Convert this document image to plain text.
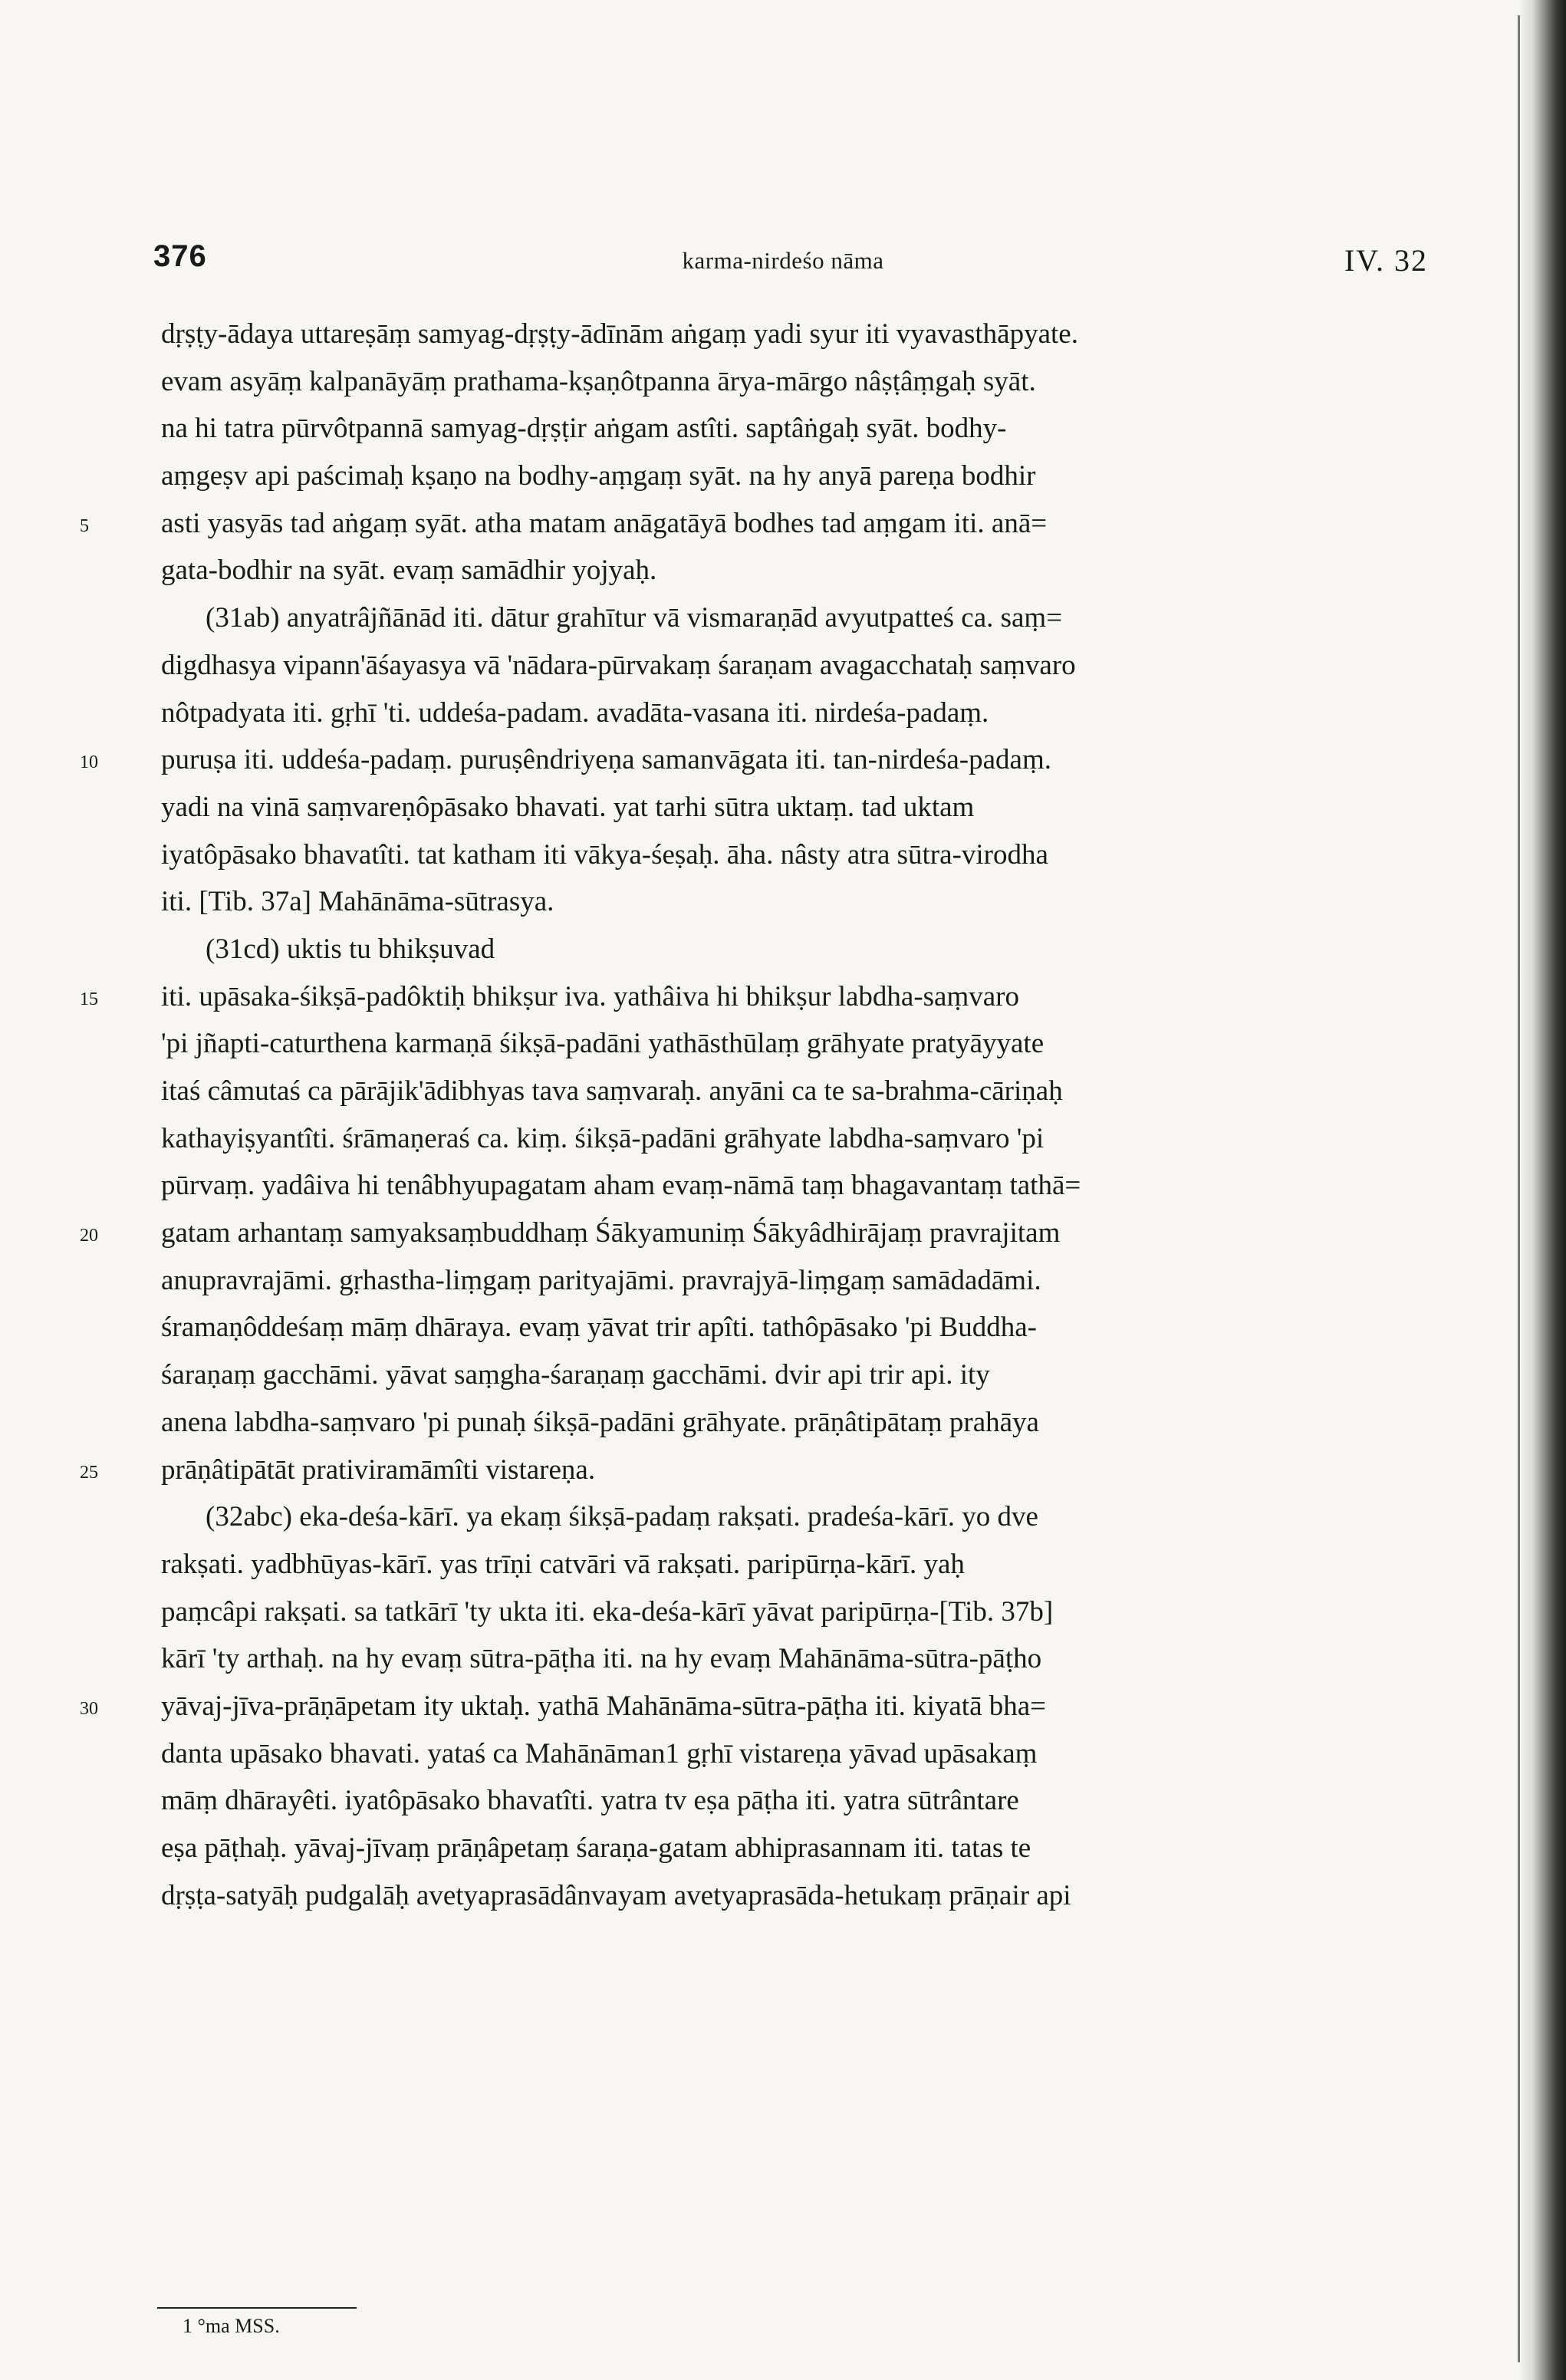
376	karma-nirdeśo nāma	IV. 32
dṛṣṭy-ādaya uttareṣāṃ samyag-dṛṣṭy-ādīnām aṅgaṃ yadi syur iti vyavasthāpyate.
evam asyāṃ kalpanāyāṃ prathama-kṣaṇôtpanna ārya-mārgo nâṣṭâṃgaḥ syāt.
na hi tatra pūrvôtpannā samyag-dṛṣṭir aṅgam astîti. saptâṅgaḥ syāt. bodhy-
aṃgeṣv api paścimaḥ kṣaṇo na bodhy-aṃgaṃ syāt. na hy anyā pareṇa bodhir
5	asti yasyās tad aṅgaṃ syāt. atha matam anāgatāyā bodhes tad aṃgam iti. anā=
gata-bodhir na syāt. evaṃ samādhir yojyaḥ.
(31ab) anyatrâjñānād iti. dātur grahītur vā vismaraṇād avyutpatteś ca. saṃ=
digdhasya vipann'āśayasya vā 'nādara-pūrvakaṃ śaraṇam avagacchataḥ saṃvaro
nôtpadyata iti. gṛhī 'ti. uddeśa-padam. avadāta-vasana iti. nirdeśa-padaṃ.
10	puruṣa iti. uddeśa-padaṃ. puruṣêndriyeṇa samanvāgata iti. tan-nirdeśa-padaṃ.
yadi na vinā saṃvareṇôpāsako bhavati. yat tarhi sūtra uktaṃ. tad uktam
iyatôpāsako bhavatîti. tat katham iti vākya-śeṣaḥ. āha. nâsty atra sūtra-virodha
iti. [Tib. 37a] Mahānāma-sūtrasya.
(31cd) uktis tu bhikṣuvad
15	iti. upāsaka-śikṣā-padôktiḥ bhikṣur iva. yathâiva hi bhikṣur labdha-saṃvaro
'pi jñapti-caturthena karmaṇā śikṣā-padāni yathāsthūlaṃ grāhyate pratyāyyate
itaś câmutaś ca pārājik'ādibhyas tava saṃvaraḥ. anyāni ca te sa-brahma-cāriṇaḥ
kathayiṣyantîti. śrāmaṇeraś ca. kiṃ. śikṣā-padāni grāhyate labdha-saṃvaro 'pi
pūrvaṃ. yadâiva hi tenâbhyupagatam aham evaṃ-nāmā taṃ bhagavantaṃ tathā=
20	gatam arhantaṃ samyaksaṃbuddhaṃ Śākyamuniṃ Śākyâdhirājaṃ pravrajitam
anupravrajāmi. gṛhastha-liṃgaṃ parityajāmi. pravrajyā-liṃgaṃ samādadāmi.
śramaṇôddeśaṃ māṃ dhāraya. evaṃ yāvat trir apîti. tathôpāsako 'pi Buddha-
śaraṇaṃ gacchāmi. yāvat saṃgha-śaraṇaṃ gacchāmi. dvir api trir api. ity
anena labdha-saṃvaro 'pi punaḥ śikṣā-padāni grāhyate. prāṇâtipātaṃ prahāya
25	prāṇâtipātāt prativiramāmîti vistareṇa.
(32abc) eka-deśa-kārī. ya ekaṃ śikṣā-padaṃ rakṣati. pradeśa-kārī. yo dve
rakṣati. yadbhūyas-kārī. yas trīṇi catvāri vā rakṣati. paripūrṇa-kārī. yaḥ
paṃcâpi rakṣati. sa tatkārī 'ty ukta iti. eka-deśa-kārī yāvat paripūrṇa-[Tib. 37b]
kārī 'ty arthaḥ. na hy evaṃ sūtra-pāṭha iti. na hy evaṃ Mahānāma-sūtra-pāṭho
30	yāvaj-jīva-prāṇāpetam ity uktaḥ. yathā Mahānāma-sūtra-pāṭha iti. kiyatā bha=
danta upāsako bhavati. yataś ca Mahānāman1 gṛhī vistareṇa yāvad upāsakaṃ
māṃ dhārayêti. iyatôpāsako bhavatîti. yatra tv eṣa pāṭha iti. yatra sūtrântare
eṣa pāṭhaḥ. yāvaj-jīvaṃ prāṇâpetaṃ śaraṇa-gatam abhiprasannam iti. tatas te
dṛṣṭa-satyāḥ pudgalāḥ avetyaprasādânvayam avetyaprasāda-hetukaṃ prāṇair api
1 °ma MSS.
